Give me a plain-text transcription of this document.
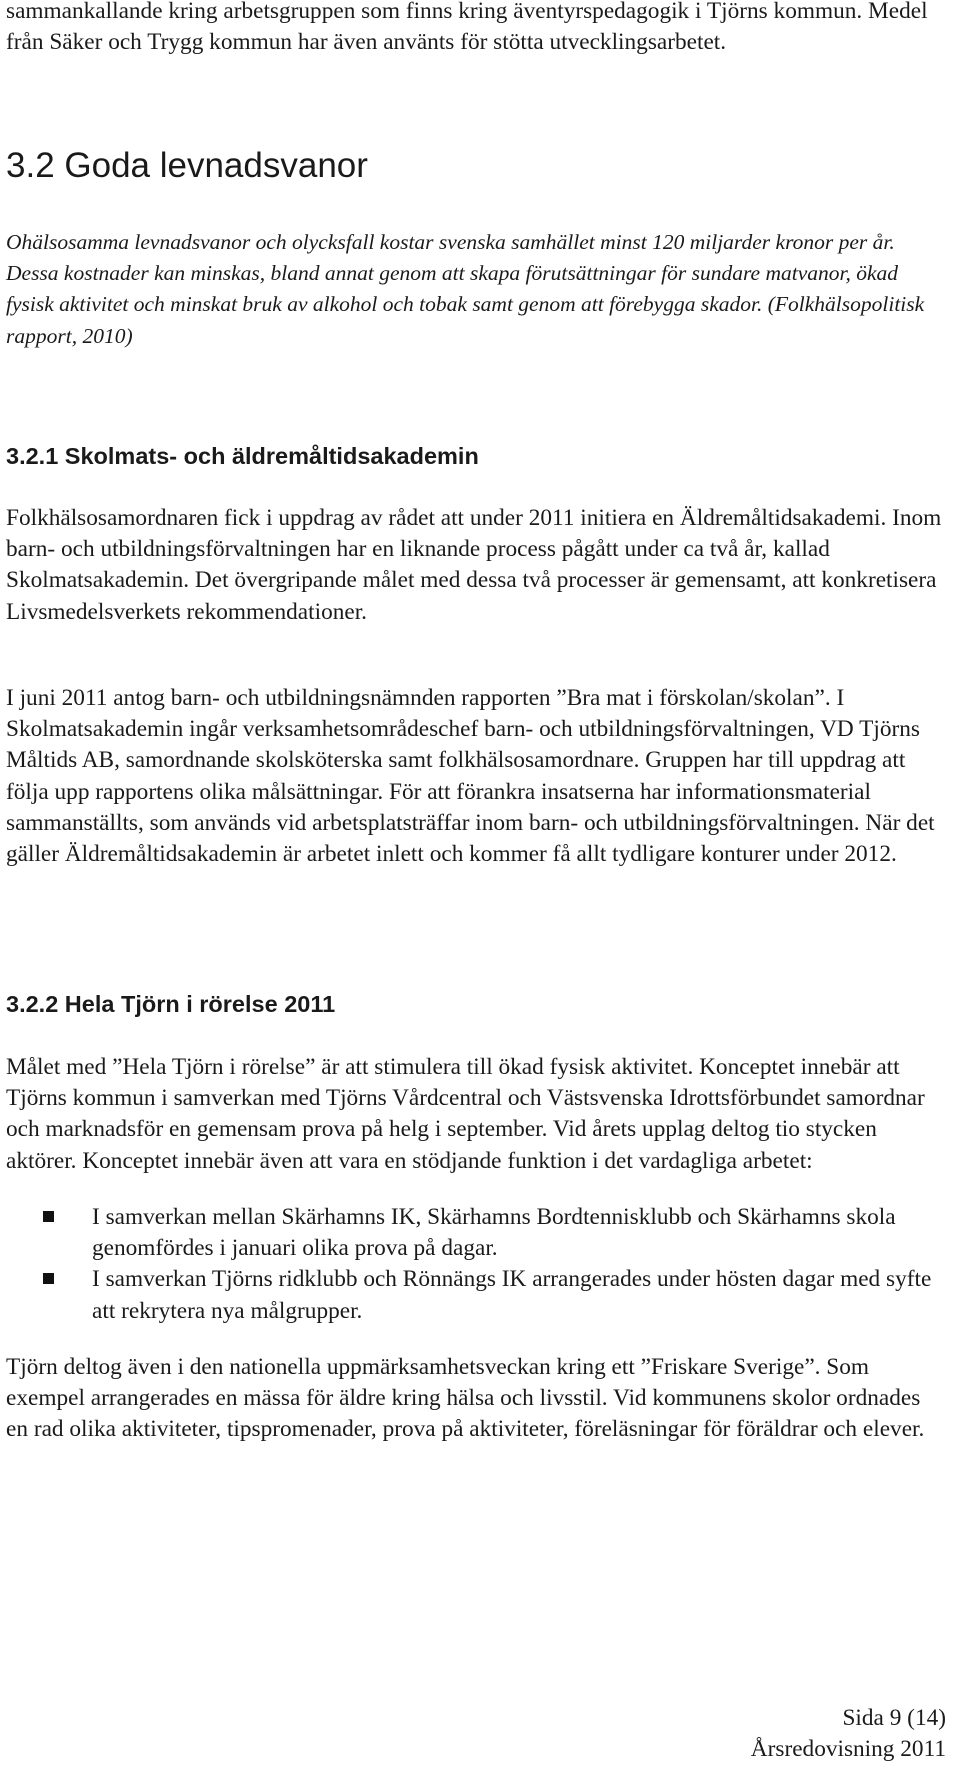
sammankallande kring arbetsgruppen som finns kring äventyrspedagogik i Tjörns kommun. Medel från Säker och Trygg kommun har även använts för stötta utvecklingsarbetet.

3.2 Goda levnadsvanor

Ohälsosamma levnadsvanor och olycksfall kostar svenska samhället minst 120 miljarder kronor per år. Dessa kostnader kan minskas, bland annat genom att skapa förutsättningar för sundare matvanor, ökad fysisk aktivitet och minskat bruk av alkohol och tobak samt genom att förebygga skador. (Folkhälsopolitisk rapport, 2010)

3.2.1 Skolmats- och äldremåltidsakademin

Folkhälsosamordnaren fick i uppdrag av rådet att under 2011 initiera en Äldremåltidsakademi. Inom barn- och utbildningsförvaltningen har en liknande process pågått under ca två år, kallad Skolmatsakademin. Det övergripande målet med dessa två processer är gemensamt, att konkretisera Livsmedelsverkets rekommendationer.

I juni 2011 antog barn- och utbildningsnämnden rapporten ”Bra mat i förskolan/skolan”. I Skolmatsakademin ingår verksamhetsområdeschef barn- och utbildningsförvaltningen, VD Tjörns Måltids AB, samordnande skolsköterska samt folkhälsosamordnare. Gruppen har till uppdrag att följa upp rapportens olika målsättningar. För att förankra insatserna har informationsmaterial sammanställts, som används vid arbetsplatsträffar inom barn- och utbildningsförvaltningen. När det gäller Äldremåltidsakademin är arbetet inlett och kommer få allt tydligare konturer under 2012.

3.2.2 Hela Tjörn i rörelse 2011

Målet med ”Hela Tjörn i rörelse” är att stimulera till ökad fysisk aktivitet. Konceptet innebär att Tjörns kommun i samverkan med Tjörns Vårdcentral och Västsvenska Idrottsförbundet samordnar och marknadsför en gemensam prova på helg i september. Vid årets upplag deltog tio stycken aktörer. Konceptet innebär även att vara en stödjande funktion i det vardagliga arbetet:

I samverkan mellan Skärhamns IK, Skärhamns Bordtennisklubb och Skärhamns skola genomfördes i januari olika prova på dagar.
I samverkan Tjörns ridklubb och Rönnängs IK arrangerades under hösten dagar med syfte att rekrytera nya målgrupper.

Tjörn deltog även i den nationella uppmärksamhetsveckan kring ett ”Friskare Sverige”. Som exempel arrangerades en mässa för äldre kring hälsa och livsstil. Vid kommunens skolor ordnades en rad olika aktiviteter, tipspromenader, prova på aktiviteter, föreläsningar för föräldrar och elever.

Sida 9 (14)
Årsredovisning 2011
